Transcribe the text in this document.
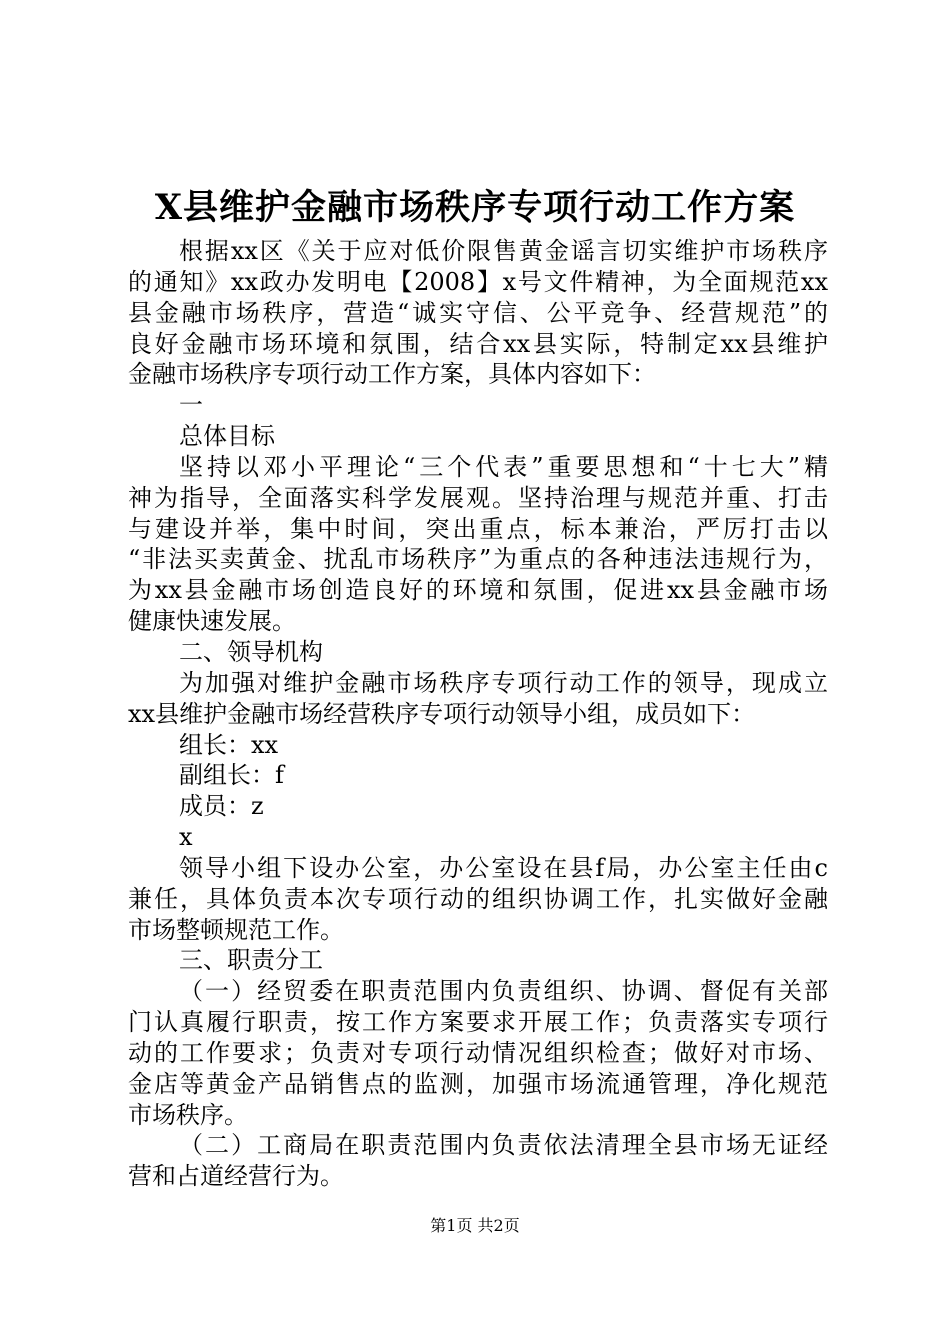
X县维护金融市场秩序专项行动工作方案
根据xx区《关于应对低价限售黄金谣言切实维护市场秩序
的通知》xx政办发明电【2008】x号文件精神，为全面规范xx
县金融市场秩序，营造“诚实守信、公平竞争、经营规范”的
良好金融市场环境和氛围，结合xx县实际，特制定xx县维护
金融市场秩序专项行动工作方案，具体内容如下：
一
总体目标
坚持以邓小平理论“三个代表”重要思想和“十七大”精
神为指导，全面落实科学发展观。坚持治理与规范并重、打击
与建设并举，集中时间，突出重点，标本兼治，严厉打击以
“非法买卖黄金、扰乱市场秩序”为重点的各种违法违规行为，
为xx县金融市场创造良好的环境和氛围，促进xx县金融市场
健康快速发展。
二、领导机构
为加强对维护金融市场秩序专项行动工作的领导，现成立
xx县维护金融市场经营秩序专项行动领导小组，成员如下：
组长：xx
副组长：f
成员：z
x
领导小组下设办公室，办公室设在县f局，办公室主任由c
兼任，具体负责本次专项行动的组织协调工作，扎实做好金融
市场整顿规范工作。
三、职责分工
（一）经贸委在职责范围内负责组织、协调、督促有关部
门认真履行职责，按工作方案要求开展工作；负责落实专项行
动的工作要求；负责对专项行动情况组织检查；做好对市场、
金店等黄金产品销售点的监测，加强市场流通管理，净化规范
市场秩序。
（二）工商局在职责范围内负责依法清理全县市场无证经
营和占道经营行为。
第1页 共2页
